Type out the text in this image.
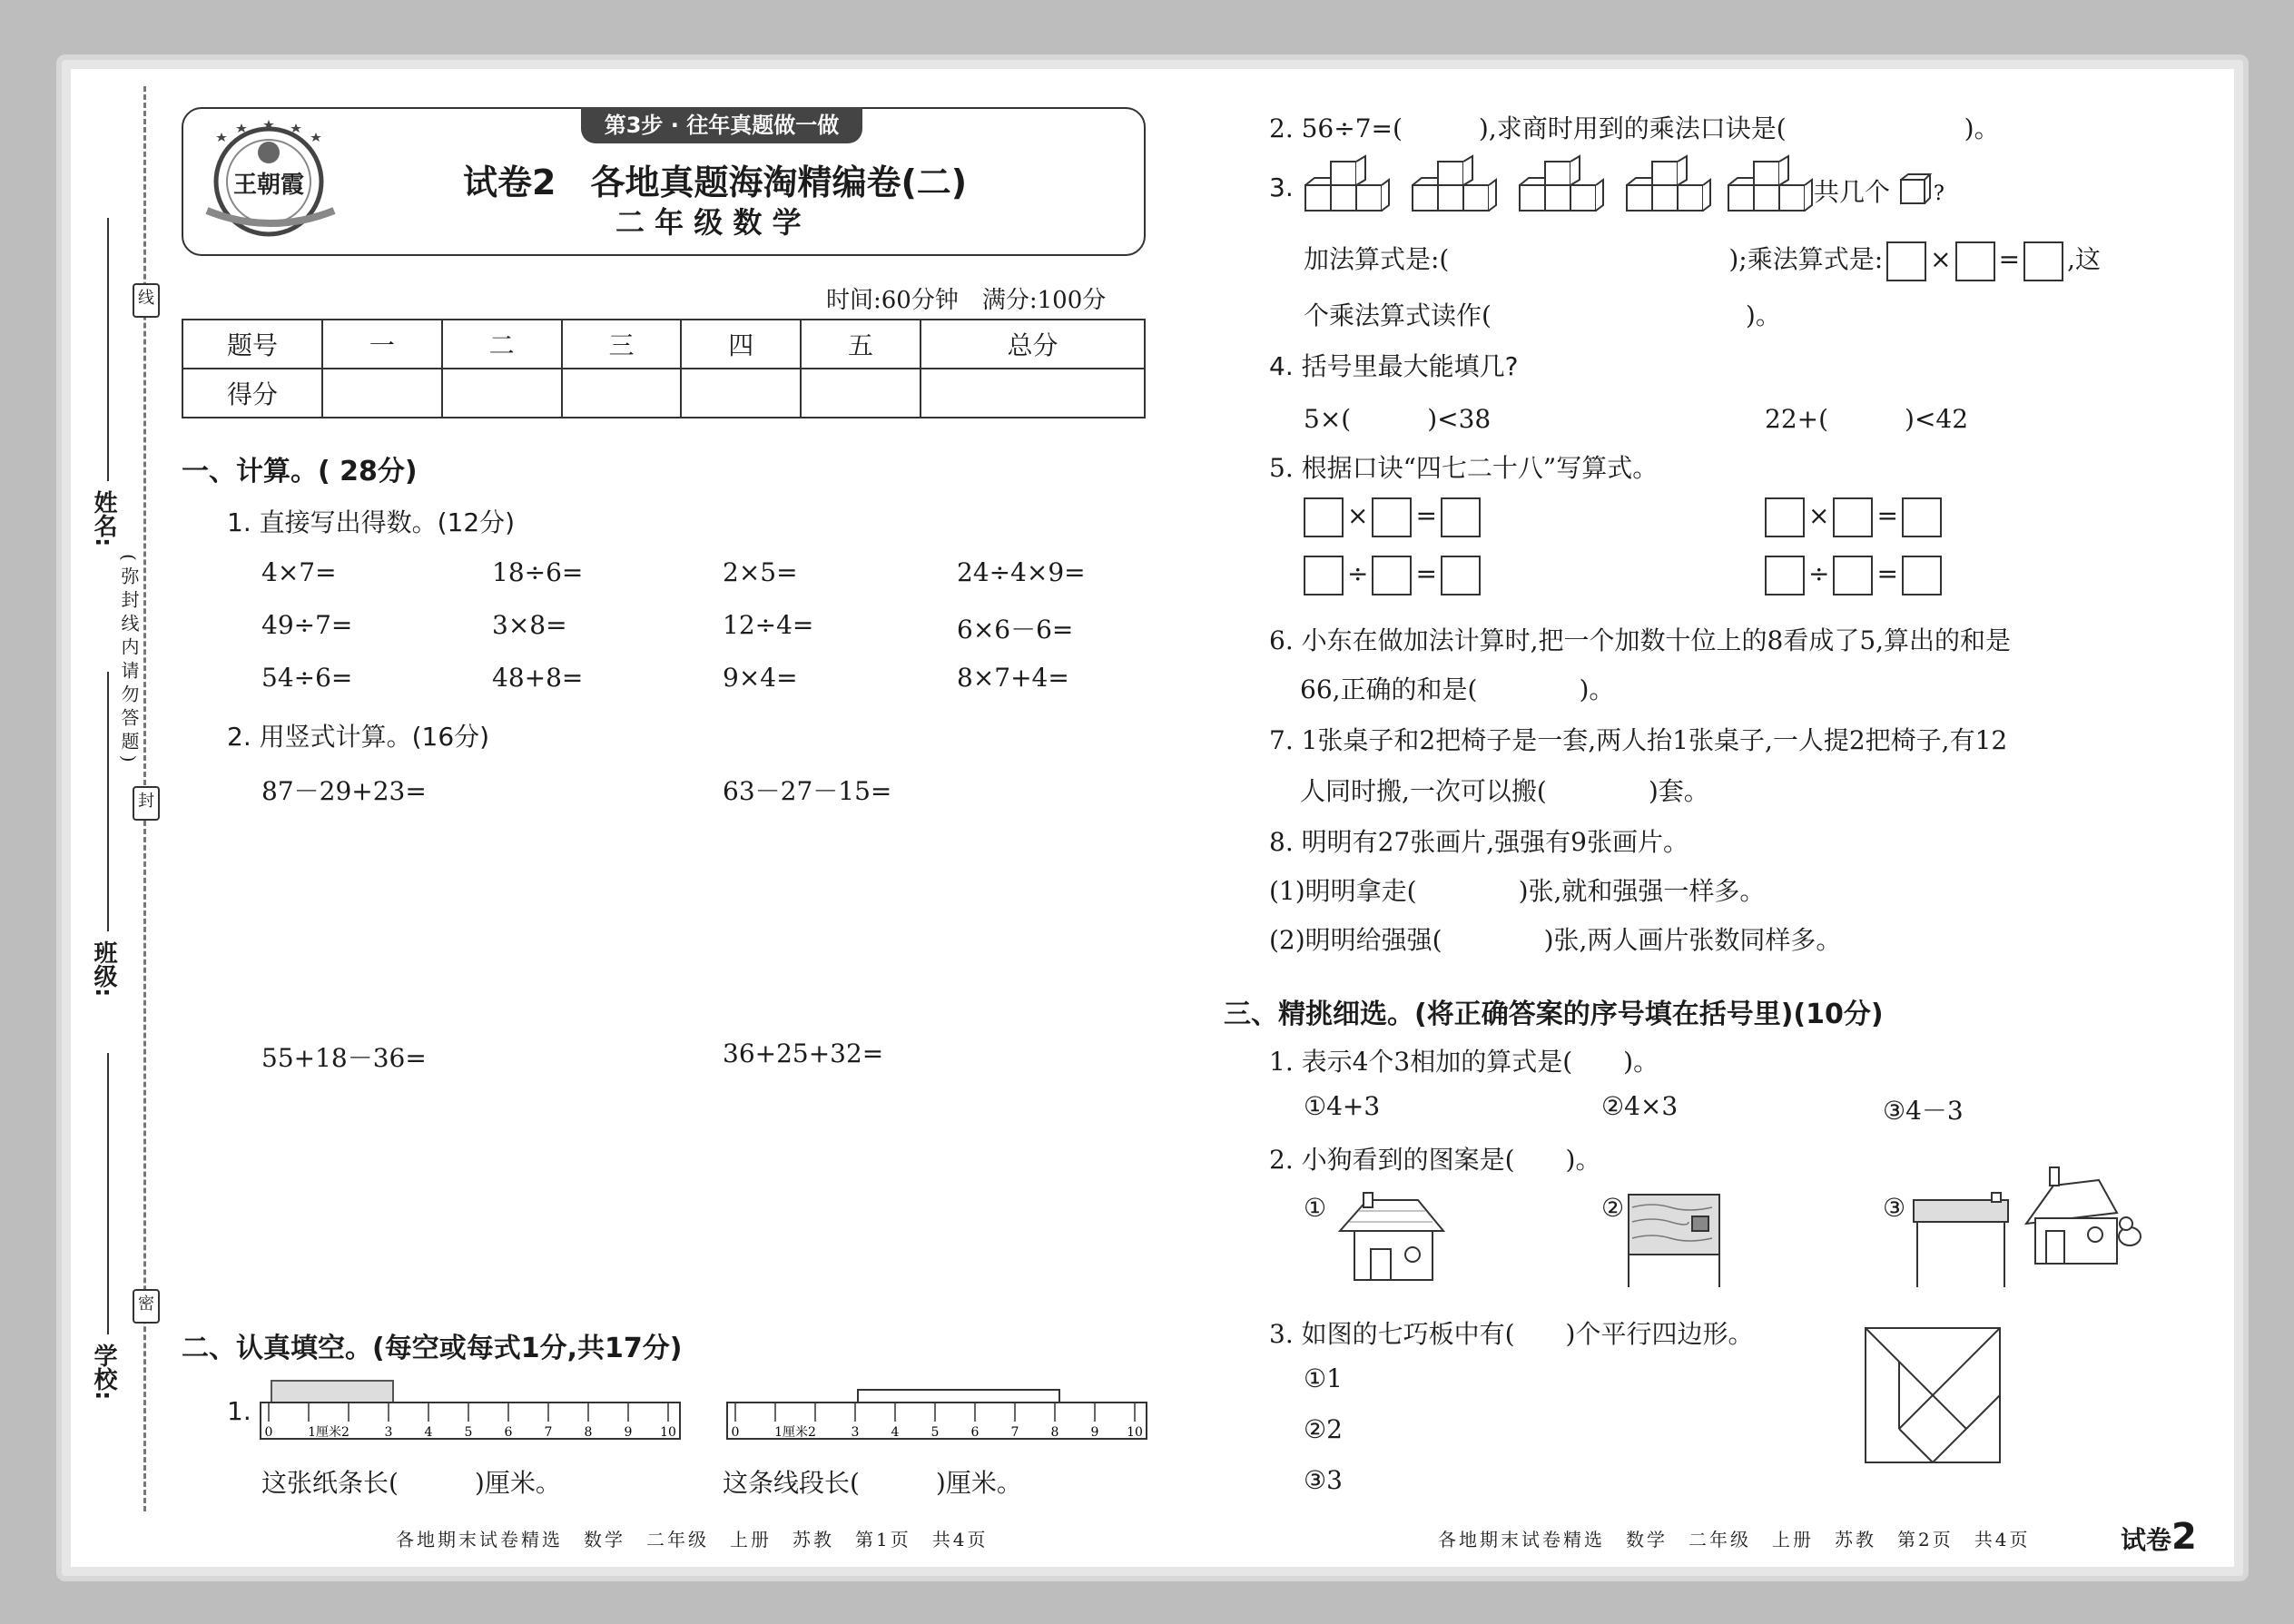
线
封
密
(弥封线内请勿答题)
姓名:
班级:
学校:
第3步 · 往年真题做一做
王朝霞	试卷2　各地真题海淘精编卷(二)
二 年 级 数 学
时间:60分钟　满分:100分
题号	一	二	三	四	五	总分
得分						
一、计算。( 28分)
1. 直接写出得数。(12分)
4×7=	18÷6=	2×5=	24÷4×9=
49÷7=	3×8=	12÷4=	6×6－6=
54÷6=	48+8=	9×4=	8×7+4=
2. 用竖式计算。(16分)
87－29+23=	63－27－15=
55+18－36=	36+25+32=
二、认真填空。(每空或每式1分,共17分)
1.
0	1厘米2	3	4	5	6	7	8	9 10	0	1厘米2	3	4	5	6	7	8	9 10
这张纸条长(　　　)厘米。	这条线段长(　　　)厘米。
各地期末试卷精选　数学　二年级　上册　苏教　第1页　共4页
2. 56÷7=(　　　),求商时用到的乘法口诀是(　　　　　　　)。
3.	共几个 ?
加法算式是:(　　　　　　　　　　　);乘法算式是: × = ,这
个乘法算式读作(　　　　　　　　　　)。
4. 括号里最大能填几?
5×(　　　)<38	22+(　　　)<42
5. 根据口诀“四七二十八”写算式。
× =	× =
÷ =	÷ =
6. 小东在做加法计算时,把一个加数十位上的8看成了5,算出的和是
66,正确的和是(　　　　)。
7. 1张桌子和2把椅子是一套,两人抬1张桌子,一人提2把椅子,有12
人同时搬,一次可以搬(　　　　)套。
8. 明明有27张画片,强强有9张画片。
(1)明明拿走(　　　　)张,就和强强一样多。
(2)明明给强强(　　　　)张,两人画片张数同样多。
三、精挑细选。(将正确答案的序号填在括号里)(10分)
1. 表示4个3相加的算式是(　　)。
①4+3	②4×3	③4－3
2. 小狗看到的图案是(　　)。
①	②	③
3. 如图的七巧板中有(　　)个平行四边形。
①1
②2
③3
各地期末试卷精选　数学　二年级　上册　苏教　第2页　共4页	试卷2
